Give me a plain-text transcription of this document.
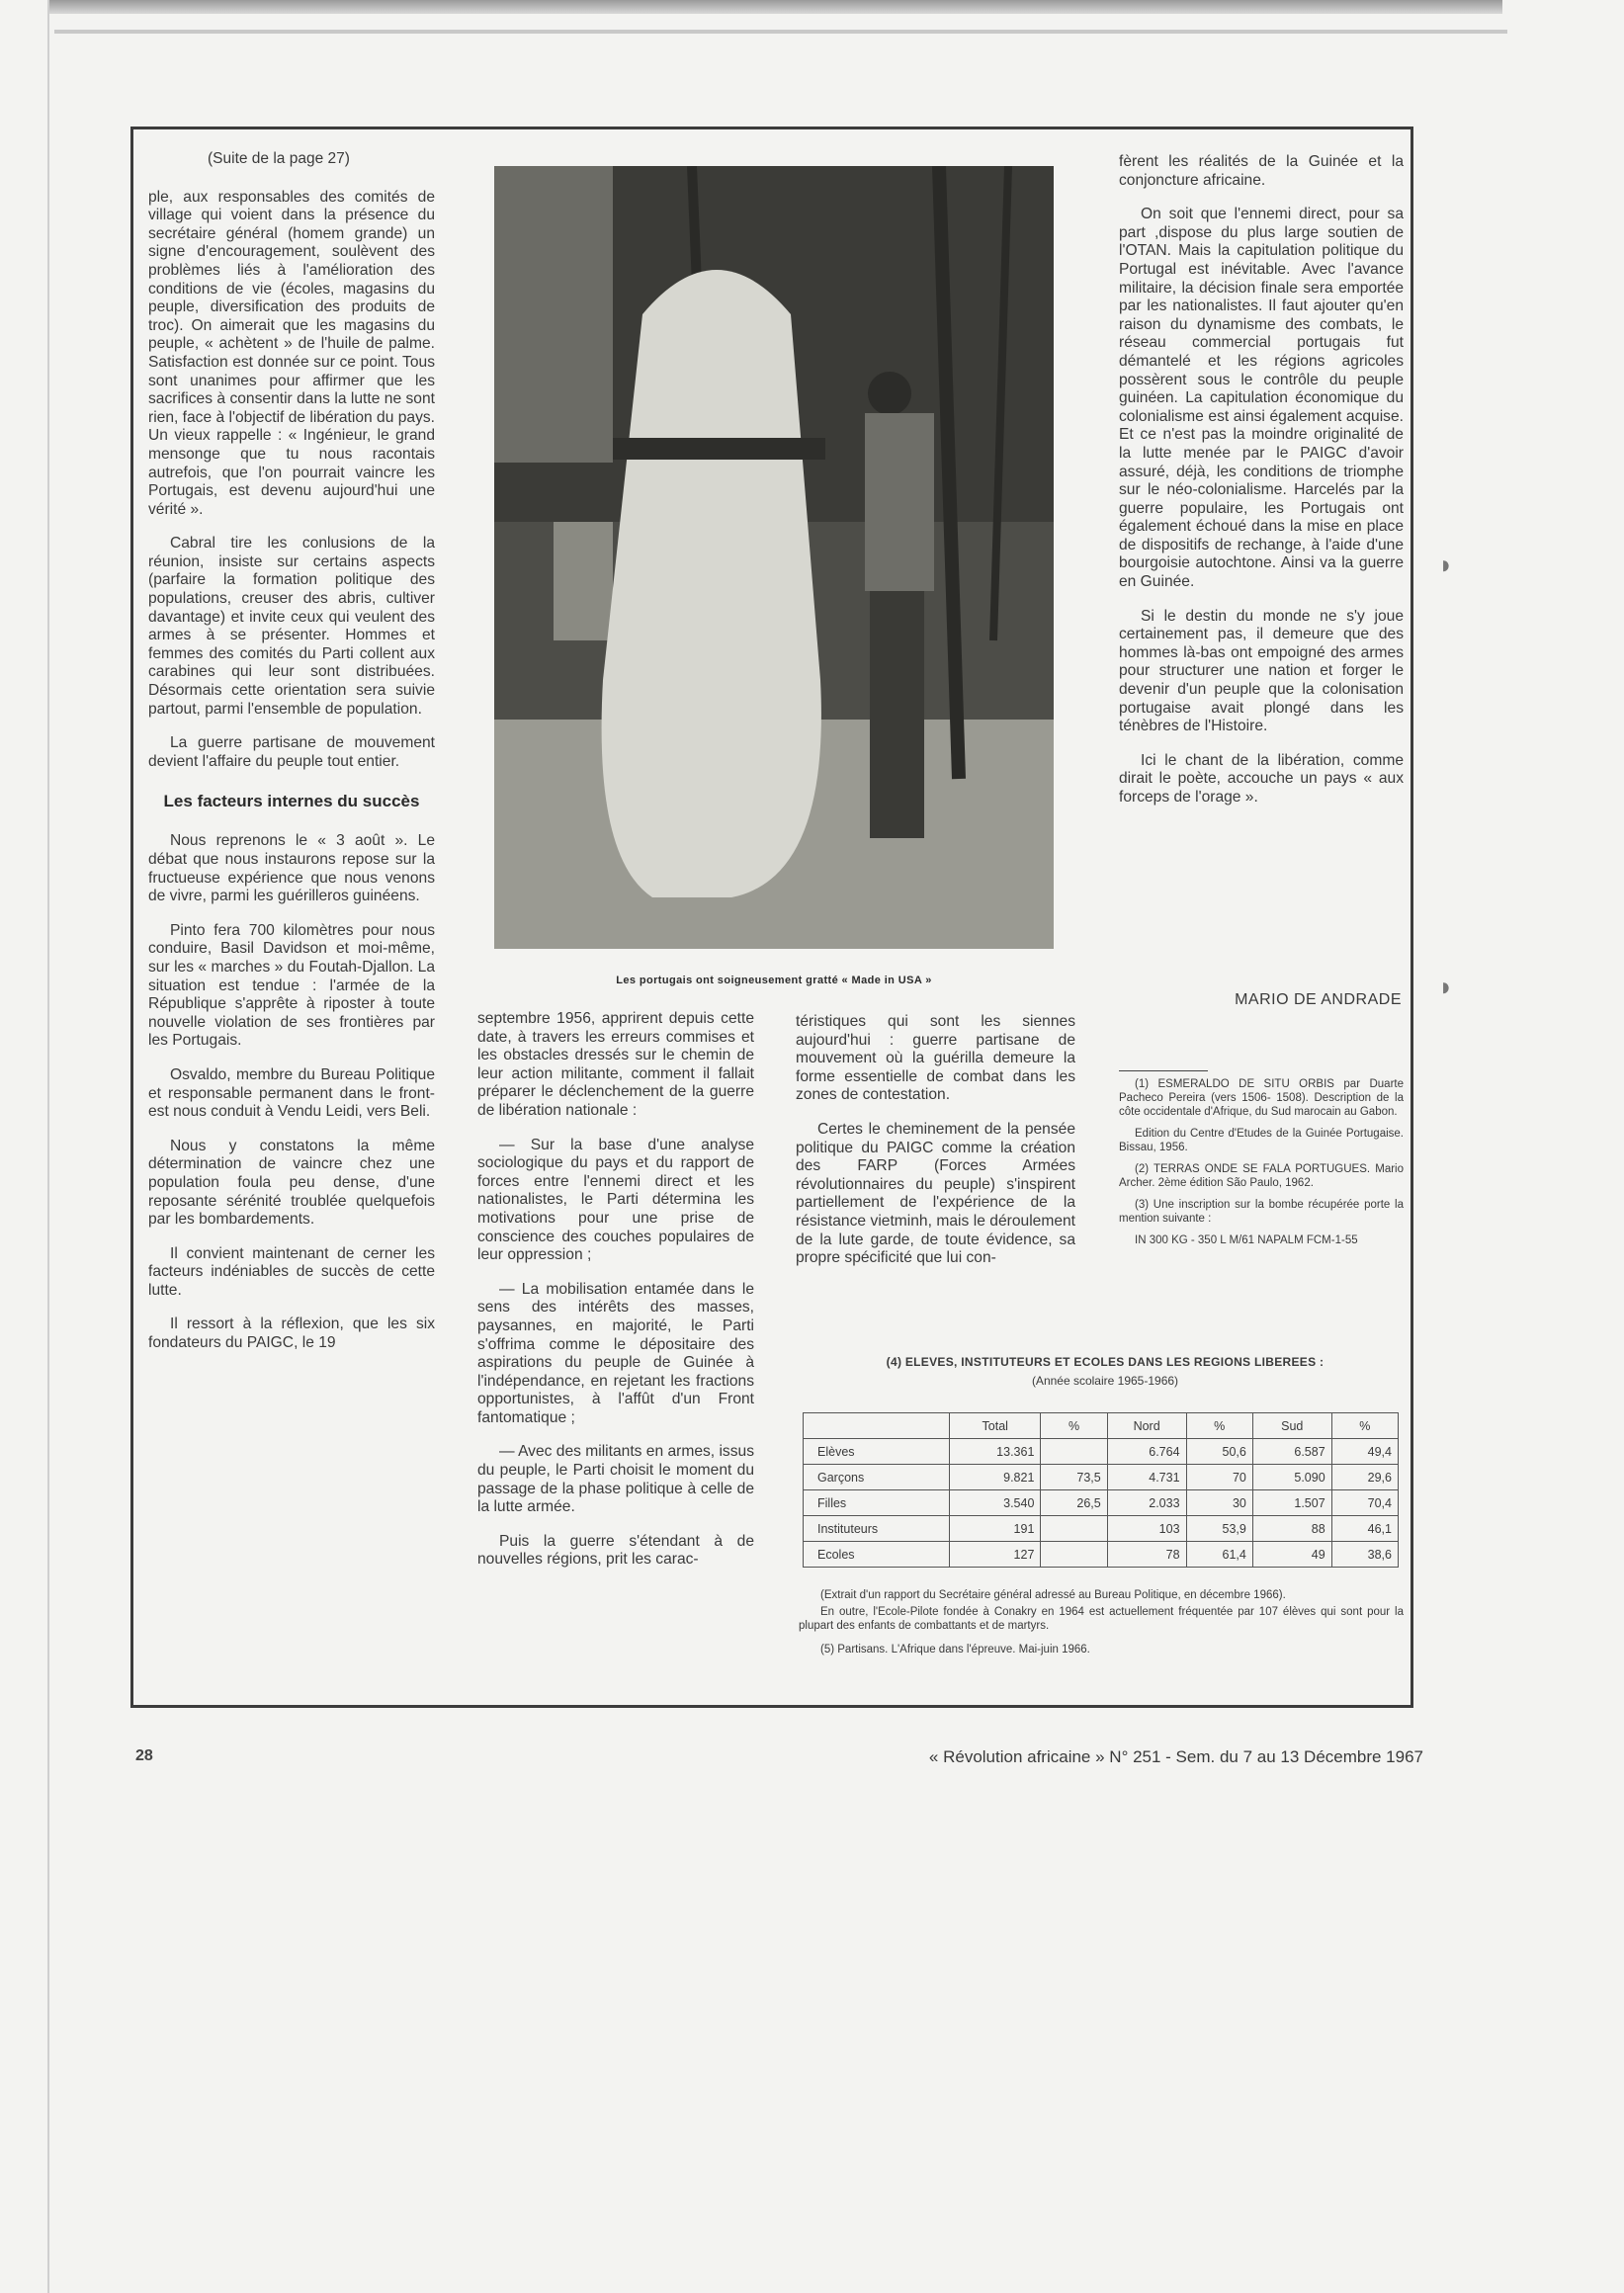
(Suite de la page 27)

ple, aux responsables des comités de village qui voient dans la présence du secrétaire général (homem grande) un signe d'encouragement, soulèvent des problèmes liés à l'amélioration des conditions de vie (écoles, magasins du peuple, diversification des produits de troc). On aimerait que les magasins du peuple, « achètent » de l'huile de palme. Satisfaction est donnée sur ce point. Tous sont unanimes pour affirmer que les sacrifices à consentir dans la lutte ne sont rien, face à l'objectif de libération du pays. Un vieux rappelle : « Ingénieur, le grand mensonge que tu nous racontais autrefois, que l'on pourrait vaincre les Portugais, est devenu aujourd'hui une vérité ».

Cabral tire les conlusions de la réunion, insiste sur certains aspects (parfaire la formation politique des populations, creuser des abris, cultiver davantage) et invite ceux qui veulent des armes à se présenter. Hommes et femmes des comités du Parti collent aux carabines qui leur sont distribuées. Désormais cette orientation sera suivie partout, parmi l'ensemble de population.

La guerre partisane de mouvement devient l'affaire du peuple tout entier.

Les facteurs internes du succès

Nous reprenons le « 3 août ». Le débat que nous instaurons repose sur la fructueuse expérience que nous venons de vivre, parmi les guérilleros guinéens.

Pinto fera 700 kilomètres pour nous conduire, Basil Davidson et moi-même, sur les « marches » du Foutah-Djallon. La situation est tendue : l'armée de la République s'apprête à riposter à toute nouvelle violation de ses frontières par les Portugais.

Osvaldo, membre du Bureau Politique et responsable permanent dans le front-est nous conduit à Vendu Leidi, vers Beli.

Nous y constatons la même détermination de vaincre chez une population foula peu dense, d'une reposante sérénité troublée quelquefois par les bombardements.

Il convient maintenant de cerner les facteurs indéniables de succès de cette lutte.

Il ressort à la réflexion, que les six fondateurs du PAIGC, le 19

Les portugais ont soigneusement gratté « Made in USA »

septembre 1956, apprirent depuis cette date, à travers les erreurs commises et les obstacles dressés sur le chemin de leur action militante, comment il fallait préparer le déclenchement de la guerre de libération nationale :

— Sur la base d'une analyse sociologique du pays et du rapport de forces entre l'ennemi direct et les nationalistes, le Parti détermina les motivations pour une prise de conscience des couches populaires de leur oppression ;

— La mobilisation entamée dans le sens des intérêts des masses, paysannes, en majorité, le Parti s'offrima comme le dépositaire des aspirations du peuple de Guinée à l'indépendance, en rejetant les fractions opportunistes, à l'affût d'un Front fantomatique ;

— Avec des militants en armes, issus du peuple, le Parti choisit le moment du passage de la phase politique à celle de la lutte armée.

Puis la guerre s'étendant à de nouvelles régions, prit les carac-

téristiques qui sont les siennes aujourd'hui : guerre partisane de mouvement où la guérilla demeure la forme essentielle de combat dans les zones de contestation.

Certes le cheminement de la pensée politique du PAIGC comme la création des FARP (Forces Armées révolutionnaires du peuple) s'inspirent partiellement de l'expérience de la résistance vietminh, mais le déroulement de la lute garde, de toute évidence, sa propre spécificité que lui con-

fèrent les réalités de la Guinée et la conjoncture africaine.

On soit que l'ennemi direct, pour sa part ,dispose du plus large soutien de l'OTAN. Mais la capitulation politique du Portugal est inévitable. Avec l'avance militaire, la décision finale sera emportée par les nationalistes. Il faut ajouter qu'en raison du dynamisme des combats, le réseau commercial portugais fut démantelé et les régions agricoles possèrent sous le contrôle du peuple guinéen. La capitulation économique du colonialisme est ainsi également acquise. Et ce n'est pas la moindre originalité de la lutte menée par le PAIGC d'avoir assuré, déjà, les conditions de triomphe sur le néo-colonialisme. Harcelés par la guerre populaire, les Portugais ont également échoué dans la mise en place de dispositifs de rechange, à l'aide d'une bourgoisie autochtone. Ainsi va la guerre en Guinée.

Si le destin du monde ne s'y joue certainement pas, il demeure que des hommes là-bas ont empoigné des armes pour structurer une nation et forger le devenir d'un peuple que la colonisation portugaise avait plongé dans les ténèbres de l'Histoire.

Ici le chant de la libération, comme dirait le poète, accouche un pays « aux forceps de l'orage ».

MARIO DE ANDRADE

(1) ESMERALDO DE SITU ORBIS par Duarte Pacheco Pereira (vers 1506- 1508). Description de la côte occidentale d'Afrique, du Sud marocain au Gabon.

Edition du Centre d'Etudes de la Guinée Portugaise. Bissau, 1956.

(2) TERRAS ONDE SE FALA PORTUGUES. Mario Archer. 2ème édition São Paulo, 1962.

(3) Une inscription sur la bombe récupérée porte la mention suivante :

IN 300 KG - 350 L M/61 NAPALM FCM-1-55

(4) ELEVES, INSTITUTEURS ET ECOLES DANS LES REGIONS LIBEREES :
(Année scolaire 1965-1966)
	Total	%	Nord	%	Sud	%
Elèves	13.361		6.764	50,6	6.587	49,4
Garçons	9.821	73,5	4.731	70	5.090	29,6
Filles	3.540	26,5	2.033	30	1.507	70,4
Instituteurs	191		103	53,9	88	46,1
Ecoles	127		78	61,4	49	38,6

(Extrait d'un rapport du Secrétaire général adressé au Bureau Politique, en décembre 1966).

En outre, l'Ecole-Pilote fondée à Conakry en 1964 est actuellement fréquentée par 107 élèves qui sont pour la plupart des enfants de combattants et de martyrs.

(5) Partisans. L'Afrique dans l'épreuve. Mai-juin 1966.

◗
◗
28	« Révolution africaine » N° 251 - Sem. du 7 au 13 Décembre 1967
